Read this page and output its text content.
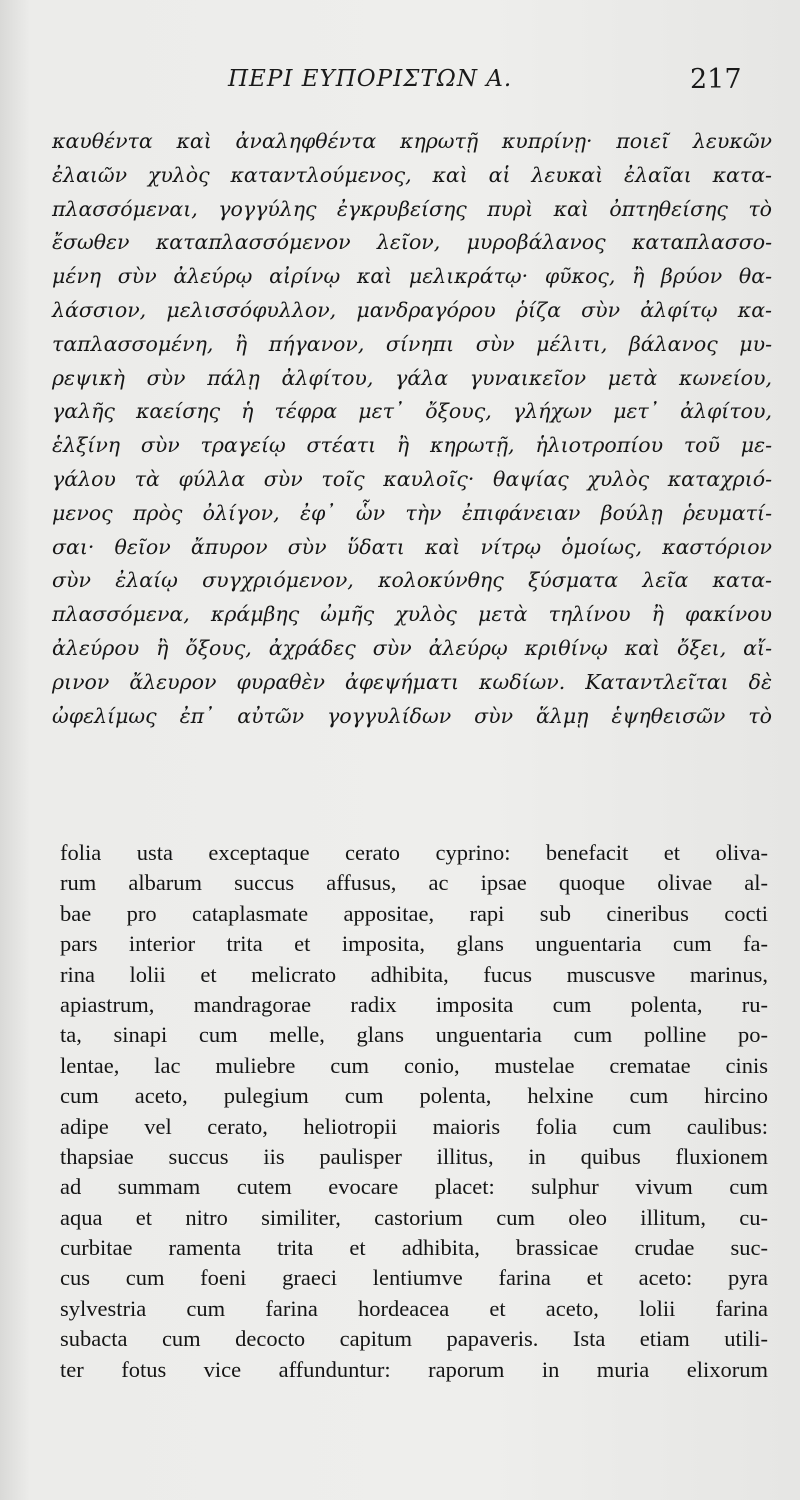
ΠΕΡΙ ΕΥΠΟΡΙΣΤΩΝ Α.	217
καυθέντα καὶ ἀναληφθέντα κηρωτῇ κυπρίνῃ· ποιεῖ λευκῶν
ἐλαιῶν χυλὸς καταντλούμενος, καὶ αἱ λευκαὶ ἐλαῖαι κατα-
πλασσόμεναι, γογγύλης ἐγκρυβείσης πυρὶ καὶ ὀπτηθείσης τὸ
ἔσωθεν καταπλασσόμενον λεῖον, μυροβάλανος καταπλασσο-
μένη σὺν ἀλεύρῳ αἰρίνῳ καὶ μελικράτῳ· φῦκος, ἢ βρύον θα-
λάσσιον, μελισσόφυλλον, μανδραγόρου ῥίζα σὺν ἀλφίτῳ κα-
ταπλασσομένη, ἢ πήγανον, σίνηπι σὺν μέλιτι, βάλανος μυ-
ρεψικὴ σὺν πάλῃ ἀλφίτου, γάλα γυναικεῖον μετὰ κωνείου,
γαλῆς καείσης ἡ τέφρα μετ᾽ ὄξους, γλήχων μετ᾽ ἀλφίτου,
ἑλξίνη σὺν τραγείῳ στέατι ἢ κηρωτῇ, ἡλιοτροπίου τοῦ με-
γάλου τὰ φύλλα σὺν τοῖς καυλοῖς· θαψίας χυλὸς καταχριό-
μενος πρὸς ὀλίγον, ἐφ᾽ ὧν τὴν ἐπιφάνειαν βούλῃ ῥευματί-
σαι· θεῖον ἄπυρον σὺν ὕδατι καὶ νίτρῳ ὁμοίως, καστόριον
σὺν ἐλαίῳ συγχριόμενον, κολοκύνθης ξύσματα λεῖα κατα-
πλασσόμενα, κράμβης ὠμῆς χυλὸς μετὰ τηλίνου ἢ φακίνου
ἀλεύρου ἢ ὄξους, ἀχράδες σὺν ἀλεύρῳ κριθίνῳ καὶ ὄξει, αἴ-
ρινον ἄλευρον φυραθὲν ἀφεψήματι κωδίων. Καταντλεῖται δὲ
ὠφελίμως ἐπ᾽ αὐτῶν γογγυλίδων σὺν ἅλμῃ ἑψηθεισῶν τὸ
folia usta exceptaque cerato cyprino: benefacit et oliva-
rum albarum succus affusus, ac ipsae quoque olivae al-
bae pro cataplasmate appositae, rapi sub cineribus cocti
pars interior trita et imposita, glans unguentaria cum fa-
rina lolii et melicrato adhibita, fucus muscusve marinus,
apiastrum, mandragorae radix imposita cum polenta, ru-
ta, sinapi cum melle, glans unguentaria cum polline po-
lentae, lac muliebre cum conio, mustelae crematae cinis
cum aceto, pulegium cum polenta, helxine cum hircino
adipe vel cerato, heliotropii maioris folia cum caulibus:
thapsiae succus iis paulisper illitus, in quibus fluxionem
ad summam cutem evocare placet: sulphur vivum cum
aqua et nitro similiter, castorium cum oleo illitum, cu-
curbitae ramenta trita et adhibita, brassicae crudae suc-
cus cum foeni graeci lentiumve farina et aceto: pyra
sylvestria cum farina hordeacea et aceto, lolii farina
subacta cum decocto capitum papaveris. Ista etiam utili-
ter fotus vice affunduntur: raporum in muria elixorum
